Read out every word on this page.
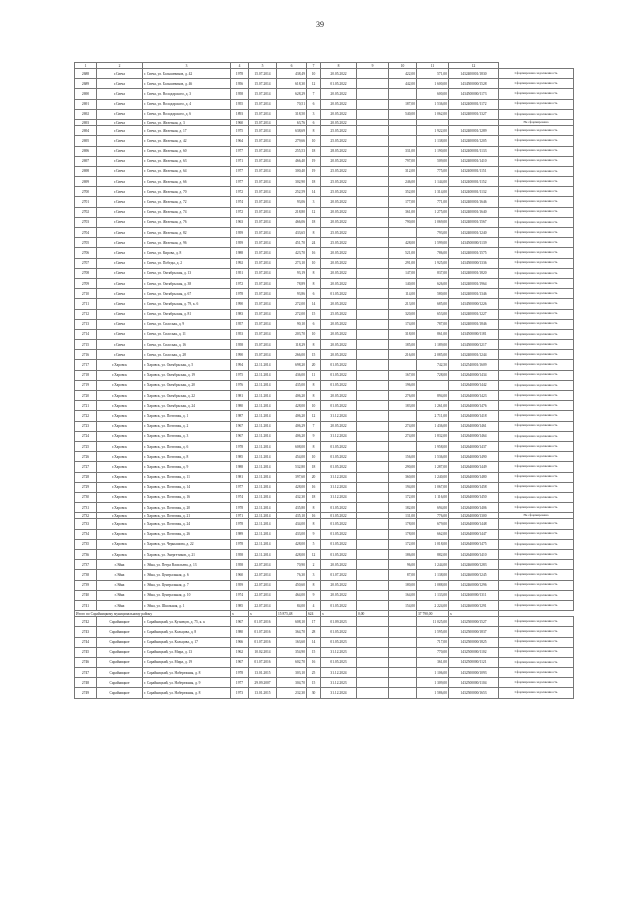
39
1	2	3	4	5	6	7	8	9	10	11	12	
2688	г.Свеча	г. Свеча, ул. Большевиков, д. 42	1978	15.07.2014	438,49	10	20.05.2022		422,00	571,00	1432400001/1830	Сформирована задолженность
2689	г.Свеча	г. Свеча, ул. Большевиков, д. 46	1956	15.07.2014	618,30	12	01.05.2022		442,00	1 600,00	1434500000/1528	Сформирована задолженность
2690	г.Свеча	г. Свеча, ул. Володарского, д. 3	1958	15.07.2014	628,29	7	20.05.2022			600,00	1434500000/1173	Сформирована задолженность
2691	г.Свеча	г. Свеча, ул. Володарского, д. 4	1955	15.07.2014	70,51	6	20.05.2022		187,00	1 536,00	1432400001/1172	Сформирована задолженность
2692	г.Свеча	г. Свеча, ул. Володарского, д. 6	1893	15.07.2014	318,50	3	20.05.2022		540,00	1 062,00	1432400001/1327	Сформирована задолженность
2693	г.Свеча	г. Свеча, ул. Железная, д. 3	1960	15.07.2014	63,76	6	20.05.2022					Не сформирована
2694	г.Свеча	г. Свеча, ул. Железная, д. 17	1975	15.07.2014	638,69	8	25.05.2022			1 922,00	1432400001/1289	Сформирована задолженность
2695	г.Свеча	г. Свеча, ул. Железная, д. 42	1964	15.07.2014	279,66	10	25.05.2022			1 138,00	1432400001/1205	Сформирована задолженность
2696	г.Свеча	г. Свеча, ул. Железная, д. 60	1977	15.07.2014	255,53	18	28.05.2022		331,00	1 190,00	1432400001/1133	Сформирована задолженность
2697	г.Свеча	г. Свеча, ул. Железная, д. 63	1971	15.07.2014	466,40	19	20.05.2022		797,00	509,00	1432400001/1410	Сформирована задолженность
2698	г.Свеча	г. Свеча, ул. Железная, д. 64	1977	15.07.2014	300,40	19	25.05.2022		312,00	775,00	1432400001/1151	Сформирована задолженность
2699	г.Свеча	г. Свеча, ул. Железная, д. 66	1977	15.07.2014	302,90	18	25.05.2022		246,00	1 144,00	1432400001/1152	Сформирована задолженность
2700	г.Свеча	г. Свеча, ул. Железная, д. 70	1972	15.07.2014	252,59	14	25.05.2022		352,00	1 314,00	1432400001/1132	Сформирована задолженность
2701	г.Свеча	г. Свеча, ул. Железная, д. 72	1974	15.07.2014	93,06	3	20.05.2022		177,00	771,00	1432400001/1646	Сформирована задолженность
2702	г.Свеча	г. Свеча, ул. Железная, д. 74	1972	15.07.2014	218,80	12	20.05.2022		361,00	1 275,00	1432400001/1640	Сформирована задолженность
2703	г.Свеча	г. Свеча, ул. Железная, д. 76	1963	15.07.2014	466,06	18	20.05.2022		790,00	1 069,00	1432400001/1567	Сформирована задолженность
2704	г.Свеча	г. Свеча, ул. Железная, д. 82	1959	15.07.2014	433,65	8	25.05.2022			793,00	1432400001/1240	Сформирована задолженность
2705	г.Свеча	г. Свеча, ул. Железная, д. 96	1959	15.07.2014	451,70	24	25.05.2022		428,00	1 599,00	1434500000/1139	Сформирована задолженность
2706	г.Свеча	г. Свеча, ул. Кирова, д. 8	1988	15.07.2014	423,70	16	20.05.2022		521,00	786,00	1432400001/1575	Сформирована задолженность
2707	г.Свеча	г. Свеча, ул. Победы, д. 2	1992	15.07.2014	273,10	10	20.05.2022		291,00	1 925,00	1434500000/1336	Сформирована задолженность
2708	г.Свеча	г. Свеча, ул. Октябрьская, д. 13	1951	15.07.2014	93,19	8	20.05.2022		147,00	837,00	1432400001/1820	Сформирована задолженность
2709	г.Свеча	г. Свеча, ул. Октябрьская, д. 38	1972	15.07.2014	78,89	8	20.05.2022		140,00	626,00	1432400001/1964	Сформирована задолженность
2710	г.Свеча	г. Свеча, ул. Октябрьская, д. 67	1978	15.07.2014	93,86	6	01.05.2022		114,00	580,00	1432400001/1346	Сформирована задолженность
2711	г.Свеча	г. Свеча, ул. Октябрьская, д. 79, к. 6	1990	15.07.2014	272,00	14	20.05.2022		213,00	685,00	1434500000/1226	Сформирована задолженность
2712	г.Свеча	г. Свеча, ул. Октябрьская, д. 81	1983	15.07.2014	272,00	15	25.05.2022		320,00	653,00	1432400001/1227	Сформирована задолженность
2713	г.Свеча	г. Свеча, ул. Спасская, д. 9	1957	15.07.2014	90,10	6	20.05.2022		174,00	787,00	1432400001/1846	Сформирована задолженность
2714	г.Свеча	г. Свеча, ул. Спасская, д. 11	1953	15.07.2014	203,70	10	20.05.2022		318,00	861,00	1434500000/1181	Сформирована задолженность
2715	г.Свеча	г. Свеча, ул. Спасская, д. 16	1958	15.07.2014	118,29	8	20.05.2022		185,00	1 189,00	1434500000/1217	Сформирована задолженность
2716	г.Свеча	г. Свеча, ул. Спасская, д. 28	1990	15.07.2014	266,00	15	20.05.2022		216,00	2 085,00	1432400001/1244	Сформирована задолженность
2717	г.Харовск	г. Харовск, ул. Октябрьская, д. 5	1994	22.11.2014	698,20	20	01.05.2022			742,50	1432540001/1609	Сформирована задолженность
2718	г.Харовск	г. Харовск, ул. Октябрьская, д. 19	1975	22.11.2014	436,00	11	01.05.2022		167,00	728,00	1432640000/1434	Сформирована задолженность
2719	г.Харовск	г. Харовск, ул. Октябрьская, д. 20	1976	22.11.2014	435,00	8	01.05.2022		196,00		1432640000/1442	Сформирована задолженность
2720	г.Харовск	г. Харовск, ул. Октябрьская, д. 22	1981	22.11.2014	406,20	8	20.05.2022		276,00	894,00	1432640000/1423	Сформирована задолженность
2721	г.Харовск	г. Харовск, ул. Октябрьская, д. 24	1980	22.11.2014	428,00	10	01.05.2022		183,00	1 261,00	1432640000/1476	Сформирована задолженность
2722	г.Харовск	г. Харовск, ул. Почтовая, д. 1	1987	22.11.2014	406,20	12	31.12.2024			2 711,00	1432640000/1418	Сформирована задолженность
2723	г.Харовск	г. Харовск, ул. Почтовая, д. 2	1967	22.11.2014	406,29	7	20.05.2022		274,00	1 436,00	1432640000/1461	Сформирована задолженность
2724	г.Харовск	г. Харовск, ул. Почтовая, д. 3	1967	22.11.2014	406,20	9	31.12.2024		274,00	1 832,00	1432640000/1464	Сформирована задолженность
2725	г.Харовск	г. Харовск, ул. Почтовая, д. 6	1978	22.11.2014	608,00	8	01.05.2022			1 958,00	1432640000/1437	Сформирована задолженность
2726	г.Харовск	г. Харовск, ул. Почтовая, д. 8	1985	22.11.2014	454,00	10	01.05.2022		156,00	1 536,00	1432640000/1490	Сформирована задолженность
2727	г.Харовск	г. Харовск, ул. Почтовая, д. 9	1988	22.11.2014	532,80	18	01.05.2022		290,00	1 287,00	1432640000/1449	Сформирована задолженность
2728	г.Харовск	г. Харовск, ул. Почтовая, д. 11	1981	22.11.2014	397,60	20	31.12.2024		360,00	1 240,00	1432640000/1480	Сформирована задолженность
2729	г.Харовск	г. Харовск, ул. Почтовая, д. 14	1977	22.11.2014	428,00	16	31.12.2024		194,00	1 067,00	1432640000/1458	Сформирована задолженность
2730	г.Харовск	г. Харовск, ул. Почтовая, д. 16	1974	22.11.2014	432,30	18	31.12.2024		172,00	1 116,00	1432640000/1450	Сформирована задолженность
2731	г.Харовск	г. Харовск, ул. Почтовая, д. 20	1978	22.11.2014	435,80	8	01.05.2022		182,00	694,00	1432640000/1406	Сформирована задолженность
2732	г.Харовск	г. Харовск, ул. Почтовая, д. 21	1971	22.11.2014	435,10	16	01.05.2022		131,00	776,00	1432640000/1300	Не сформирована
2733	г.Харовск	г. Харовск, ул. Почтовая, д. 24	1978	22.11.2014	434,00	8	01.05.2022		178,00	679,00	1432640000/1448	Сформирована задолженность
2734	г.Харовск	г. Харовск, ул. Почтовая, д. 26	1989	22.11.2014	433,00	9	01.05.2022		178,00	662,00	1432640000/1447	Сформирована задолженность
2735	г.Харовск	г. Харовск, ул. Чернышова, д. 22	1978	22.11.2014	428,00	5	01.05.2022		172,00	1 018,00	1432640000/1475	Сформирована задолженность
2736	г.Харовск	г. Харовск, ул. Энергетиков, д. 21	1958	22.11.2014	428,00	12	01.05.2022		186,00	882,00	1432640000/1410	Сформирована задолженность
2737	г.Эйна	г. Эйна, ул. Петра Васильева, д. 13	1958	22.07.2014	70,90	2	20.05.2022		96,00	1 244,00	1432460000/1283	Сформирована задолженность
2738	г.Эйна	г. Эйна, ул. Центральная, д. 6	1960	22.07.2014	76,30	3	01.07.2022		87,00	1 138,00	1432460000/1245	Сформирована задолженность
2739	г.Эйна	г. Эйна, ул. Центральная, д. 7	1959	22.07.2014	450,60	8	20.05.2022		180,00	1 088,00	1432460000/1296	Сформирована задолженность
2740	г.Эйна	г. Эйна, ул. Центральная, д. 10	1974	22.07.2014	464,00	9	20.05.2022		164,00	1 133,00	1432460000/1311	Сформирована задолженность
2741	г.Эйна	г. Эйна, ул. Школьная, д. 1	1985	22.07.2014	84,00	4	01.05.2022		154,00	2 224,00	1432460000/1291	Сформирована задолженность
Итого по Сарайницкому муниципальному району			х	х	15 875,48	624	х	0,00		37 790,00	х	
2742	Сарайницкое	г. Сарайницкий, ул. Кузнецов, д. 75, к. к	1967	01.07.2016	608,10	17	01.09.2023			11 025,00	1432500000/1527	Сформирована задолженность
2743	Сарайницкое	г. Сарайницкий, ул. Кольцова, д. 8	1980	01.07.2016	364,70	28	01.05.2022			1 595,00	1432500000/1837	Сформирована задолженность
2744	Сарайницкое	г. Сарайницкий, ул. Кольцова, д. 17	1966	01.07.2016	163,60	14	01.05.2023			717,00	1432500000/1825	Сформирована задолженность
2745	Сарайницкое	г. Сарайницкий, ул. Мира, д. 13	1962	10.02.2014	354,90	15	31.12.2023			770,00	1432500000/1102	Сформирована задолженность
2746	Сарайницкое	г. Сарайницкий, ул. Мира, д. 19	1967	01.07.2016	602,70	16	01.05.2023			361,00	1432500000/1121	Сформирована задолженность
2747	Сарайницкое	г. Сарайницкий, ул. Набережная, д. 8	1978	13.01.2015	303,10	25	31.12.2024			1 106,00	1432500000/1093	Сформирована задолженность
2748	Сарайницкое	г. Сарайницкий, ул. Набережная, д. 9	1977	29.09.2007	304,70	15	31.12.2023			1 309,00	1432500000/1104	Сформирована задолженность
2749	Сарайницкое	г. Сарайницкий, ул. Набережная, д. 8	1973	13.01.2015	232,30	30	31.12.2024			1 586,00	1432500000/1653	Сформирована задолженность
